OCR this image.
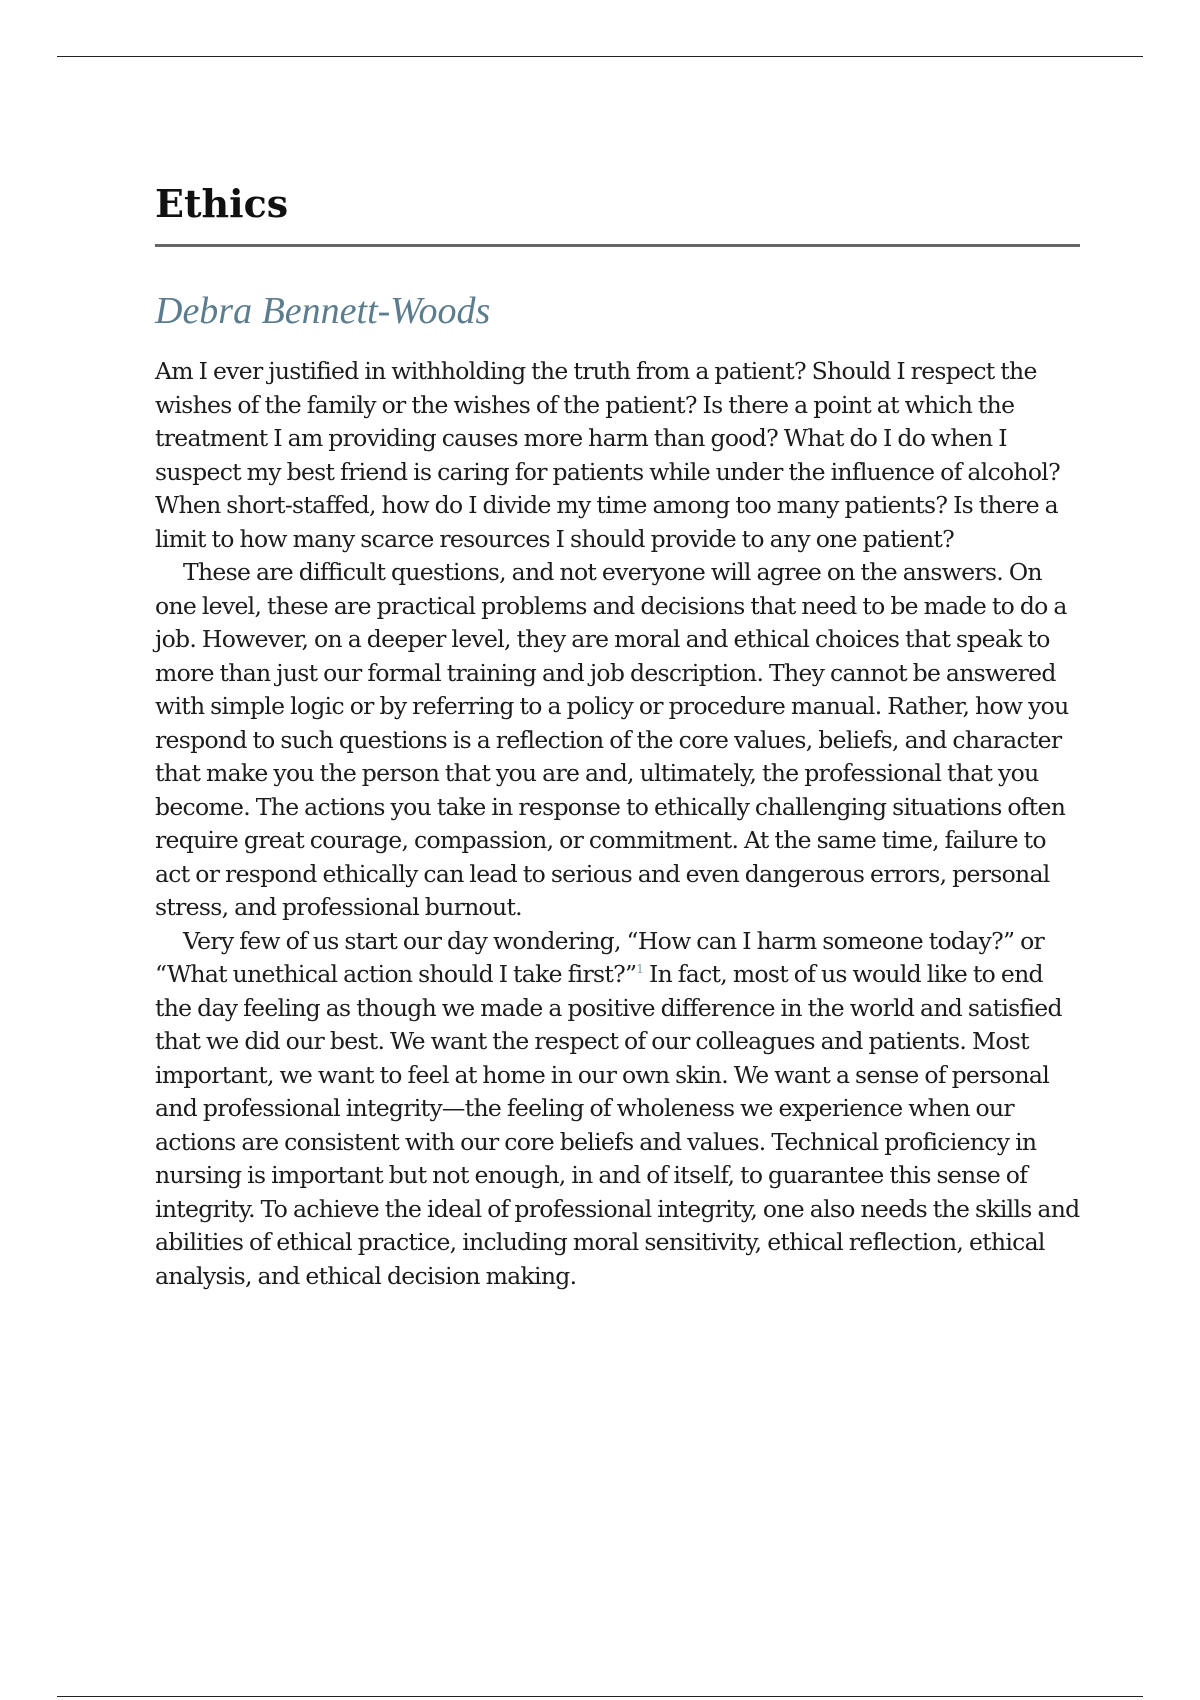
Ethics
Debra Bennett-Woods

Am I ever justified in withholding the truth from a patient? Should I respect the wishes of the family or the wishes of the patient? Is there a point at which the treatment I am providing causes more harm than good? What do I do when I suspect my best friend is caring for patients while under the influence of alcohol? When short-staffed, how do I divide my time among too many patients? Is there a limit to how many scarce resources I should provide to any one patient?

These are difficult questions, and not everyone will agree on the answers. On one level, these are practical problems and decisions that need to be made to do a job. However, on a deeper level, they are moral and ethical choices that speak to more than just our formal training and job description. They cannot be answered with simple logic or by referring to a policy or procedure manual. Rather, how you respond to such questions is a reflection of the core values, beliefs, and character that make you the person that you are and, ultimately, the professional that you become. The actions you take in response to ethically challenging situations often require great courage, compassion, or commitment. At the same time, failure to act or respond ethically can lead to serious and even dangerous errors, personal stress, and professional burnout.

Very few of us start our day wondering, “How can I harm someone today?” or “What unethical action should I take first?”$^1$ In fact, most of us would like to end the day feeling as though we made a positive difference in the world and satisfied that we did our best. We want the respect of our colleagues and patients. Most important, we want to feel at home in our own skin. We want a sense of personal and professional integrity—the feeling of wholeness we experience when our actions are consistent with our core beliefs and values. Technical proficiency in nursing is important but not enough, in and of itself, to guarantee this sense of integrity. To achieve the ideal of professional integrity, one also needs the skills and abilities of ethical practice, including moral sensitivity, ethical reflection, ethical analysis, and ethical decision making.
